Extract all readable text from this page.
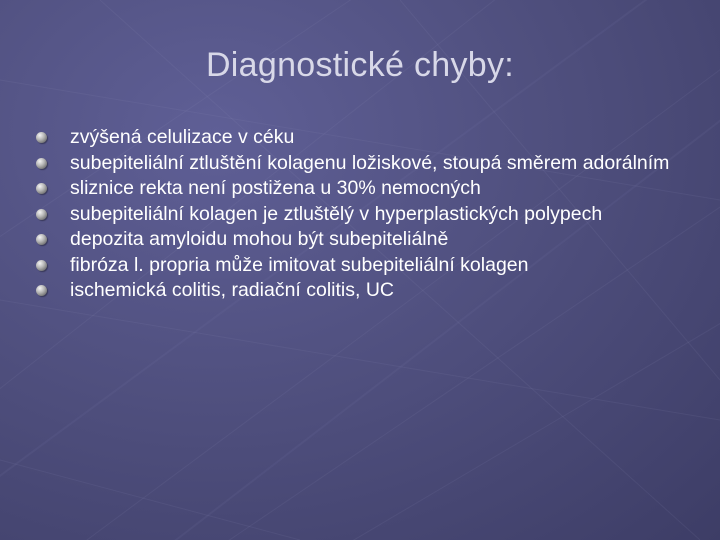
Diagnostické chyby:
zvýšená celulizace v céku
subepiteliální ztluštění kolagenu ložiskové, stoupá směrem adorálním
sliznice rekta není postižena u 30% nemocných
subepiteliální kolagen je ztluštělý v hyperplastických polypech
depozita amyloidu mohou být subepiteliálně
fibróza l. propria může imitovat subepiteliální kolagen
ischemická colitis, radiační colitis, UC
